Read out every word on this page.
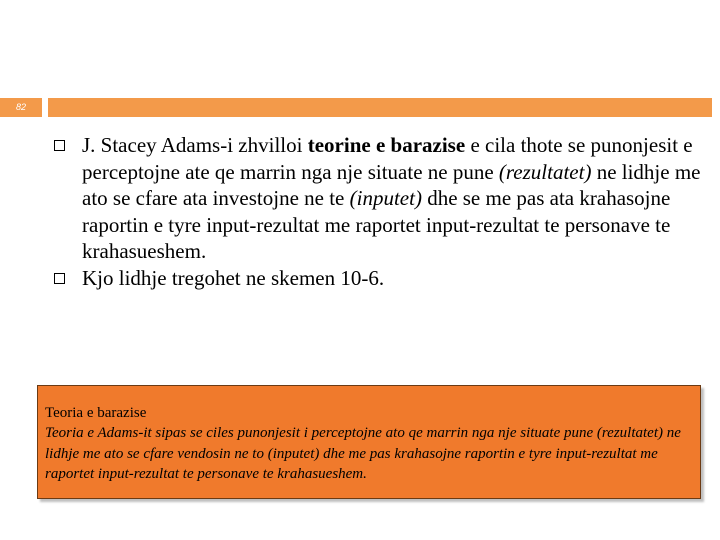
82
J. Stacey Adams-i zhvilloi teorine e barazise e cila thote se punonjesit e perceptojne ate qe marrin nga nje situate ne pune (rezultatet) ne lidhje me ato se cfare ata investojne ne te (inputet) dhe se me pas ata krahasojne raportin e tyre input-rezultat me raportet input-rezultat te personave te krahasueshem.
Kjo lidhje tregohet ne skemen 10-6.
Teoria e barazise
Teoria e Adams-it sipas se ciles punonjesit i perceptojne ato qe marrin nga nje situate pune (rezultatet) ne lidhje me ato se cfare vendosin ne to (inputet) dhe me pas krahasojne raportin e tyre input-rezultat me raportet input-rezultat te personave te krahasueshem.
